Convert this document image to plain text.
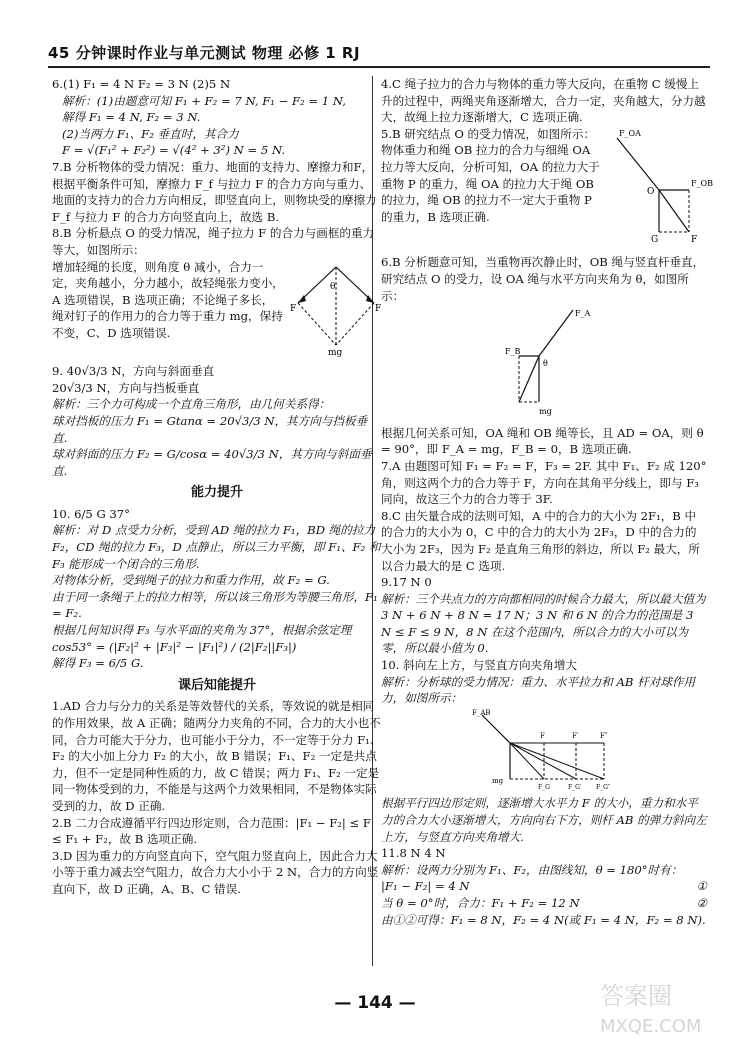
45 分钟课时作业与单元测试 物理 必修 1 RJ

6.(1) F₁ = 4 N F₂ = 3 N (2)5 N

解析：(1)由题意可知 F₁ + F₂ = 7 N, F₁ − F₂ = 1 N,

解得 F₁ = 4 N, F₂ = 3 N.

(2)当两力 F₁、F₂ 垂直时，其合力

F = √(F₁² + F₂²) = √(4² + 3²) N = 5 N.

7.B 分析物体的受力情况：重力、地面的支持力、摩擦力和F，根据平衡条件可知，摩擦力 F_f 与拉力 F 的合力方向与重力、地面的支持力的合力方向相反，即竖直向上，则物块受的摩擦力 F_f 与拉力 F 的合力方向竖直向上，故选 B.

8.B 分析悬点 O 的受力情况，绳子拉力 F 的合力与画框的重力等大，如图所示：

F	F
θ
mg

增加轻绳的长度，则角度 θ 减小，合力一定，夹角越小，分力越小，故轻绳张力变小，A 选项错误，B 选项正确；不论绳子多长，绳对钉子的作用力的合力等于重力 mg，保持不变，C、D 选项错误.

9. 40√3/3 N，方向与斜面垂直

20√3/3 N，方向与挡板垂直

解析：三个力可构成一个直角三角形，由几何关系得：

球对挡板的压力 F₁ = Gtanα = 20√3/3 N，其方向与挡板垂直.

球对斜面的压力 F₂ = G/cosα = 40√3/3 N，其方向与斜面垂直.

能力提升

10. 6/5 G 37°

解析：对 D 点受力分析，受到 AD 绳的拉力 F₁，BD 绳的拉力 F₂，CD 绳的拉力 F₃，D 点静止，所以三力平衡，即 F₁、F₂ 和 F₃ 能形成一个闭合的三角形.

对物体分析，受到绳子的拉力和重力作用，故 F₂ = G.

由于同一条绳子上的拉力相等，所以该三角形为等腰三角形，F₁ = F₂.

根据几何知识得 F₃ 与水平面的夹角为 37°，根据余弦定理 cos53° = (|F₂|² + |F₃|² − |F₁|²) / (2|F₂||F₃|)

解得 F₃ = 6/5 G.

课后知能提升

1.AD 合力与分力的关系是等效替代的关系，等效说的就是相同的作用效果，故 A 正确；随两分力夹角的不同，合力的大小也不同，合力可能大于分力，也可能小于分力，不一定等于分力 F₁、F₂ 的大小加上分力 F₂ 的大小，故 B 错误；F₁、F₂ 一定是共点力，但不一定是同种性质的力，故 C 错误；两力 F₁、F₂ 一定是同一物体受到的力，不能是与这两个力效果相同，不是物体实际受到的力，故 D 正确.

2.B 二力合成遵循平行四边形定则，合力范围：|F₁ − F₂| ≤ F ≤ F₁ + F₂，故 B 选项正确.

3.D 因为重力的方向竖直向下，空气阻力竖直向上，因此合力大小等于重力减去空气阻力，故合力大小小于 2 N，合力的方向竖直向下，故 D 正确，A、B、C 错误.

4.C 绳子拉力的合力与物体的重力等大反向，在重物 C 缓慢上升的过程中，两绳夹角逐渐增大，合力一定，夹角越大，分力越大，故绳上拉力逐渐增大，C 选项正确.

F_OA
F_OB
O
G	F

5.B 研究结点 O 的受力情况，如图所示：

物体重力和绳 OB 拉力的合力与细绳 OA 拉力等大反向，分析可知，OA 的拉力大于重物 P 的重力，绳 OA 的拉力大于绳 OB 的拉力，绳 OB 的拉力不一定大于重物 P 的重力，B 选项正确.

6.B 分析题意可知，当重物再次静止时，OB 绳与竖直杆垂直，研究结点 O 的受力，设 OA 绳与水平方向夹角为 θ，如图所示：

F_A
F_B
θ
mg

根据几何关系可知，OA 绳和 OB 绳等长，且 AD = OA，则 θ = 90°，即 F_A = mg，F_B = 0，B 选项正确.

7.A 由题图可知 F₁ = F₂ = F，F₃ = 2F. 其中 F₁、F₂ 成 120°角，则这两个力的合力等于 F，方向在其角平分线上，即与 F₃ 同向，故这三个力的合力等于 3F.

8.C 由矢量合成的法则可知，A 中的合力的大小为 2F₁，B 中的合力的大小为 0，C 中的合力的大小为 2F₃，D 中的合力的大小为 2F₃，因为 F₂ 是直角三角形的斜边，所以 F₂ 最大，所以合力最大的是 C 选项.

9.17 N 0

解析：三个共点力的方向都相同的时候合力最大，所以最大值为 3 N + 6 N + 8 N = 17 N；3 N 和 6 N 的合力的范围是 3 N ≤ F ≤ 9 N，8 N 在这个范围内，所以合力的大小可以为零，所以最小值为 0.

10. 斜向左上方，与竖直方向夹角增大

解析：分析球的受力情况：重力、水平拉力和 AB 杆对球作用力，如图所示：

F_AB
F	F′	F″
mg
F_G	F_G′ F_G″

根据平行四边形定则，逐渐增大水平力 F 的大小，重力和水平力的合力大小逐渐增大，方向向右下方，则杆 AB 的弹力斜向左上方，与竖直方向夹角增大.

11.8 N 4 N

解析：设两力分别为 F₁、F₂，由图线知，θ = 180°时有：

|F₁ − F₂| = 4 N	①

当 θ = 0°时，合力：F₁ + F₂ = 12 N	②

由①②可得：F₁ = 8 N，F₂ = 4 N(或 F₁ = 4 N，F₂ = 8 N).

— 144 —	答案圈
MXQE.COM
